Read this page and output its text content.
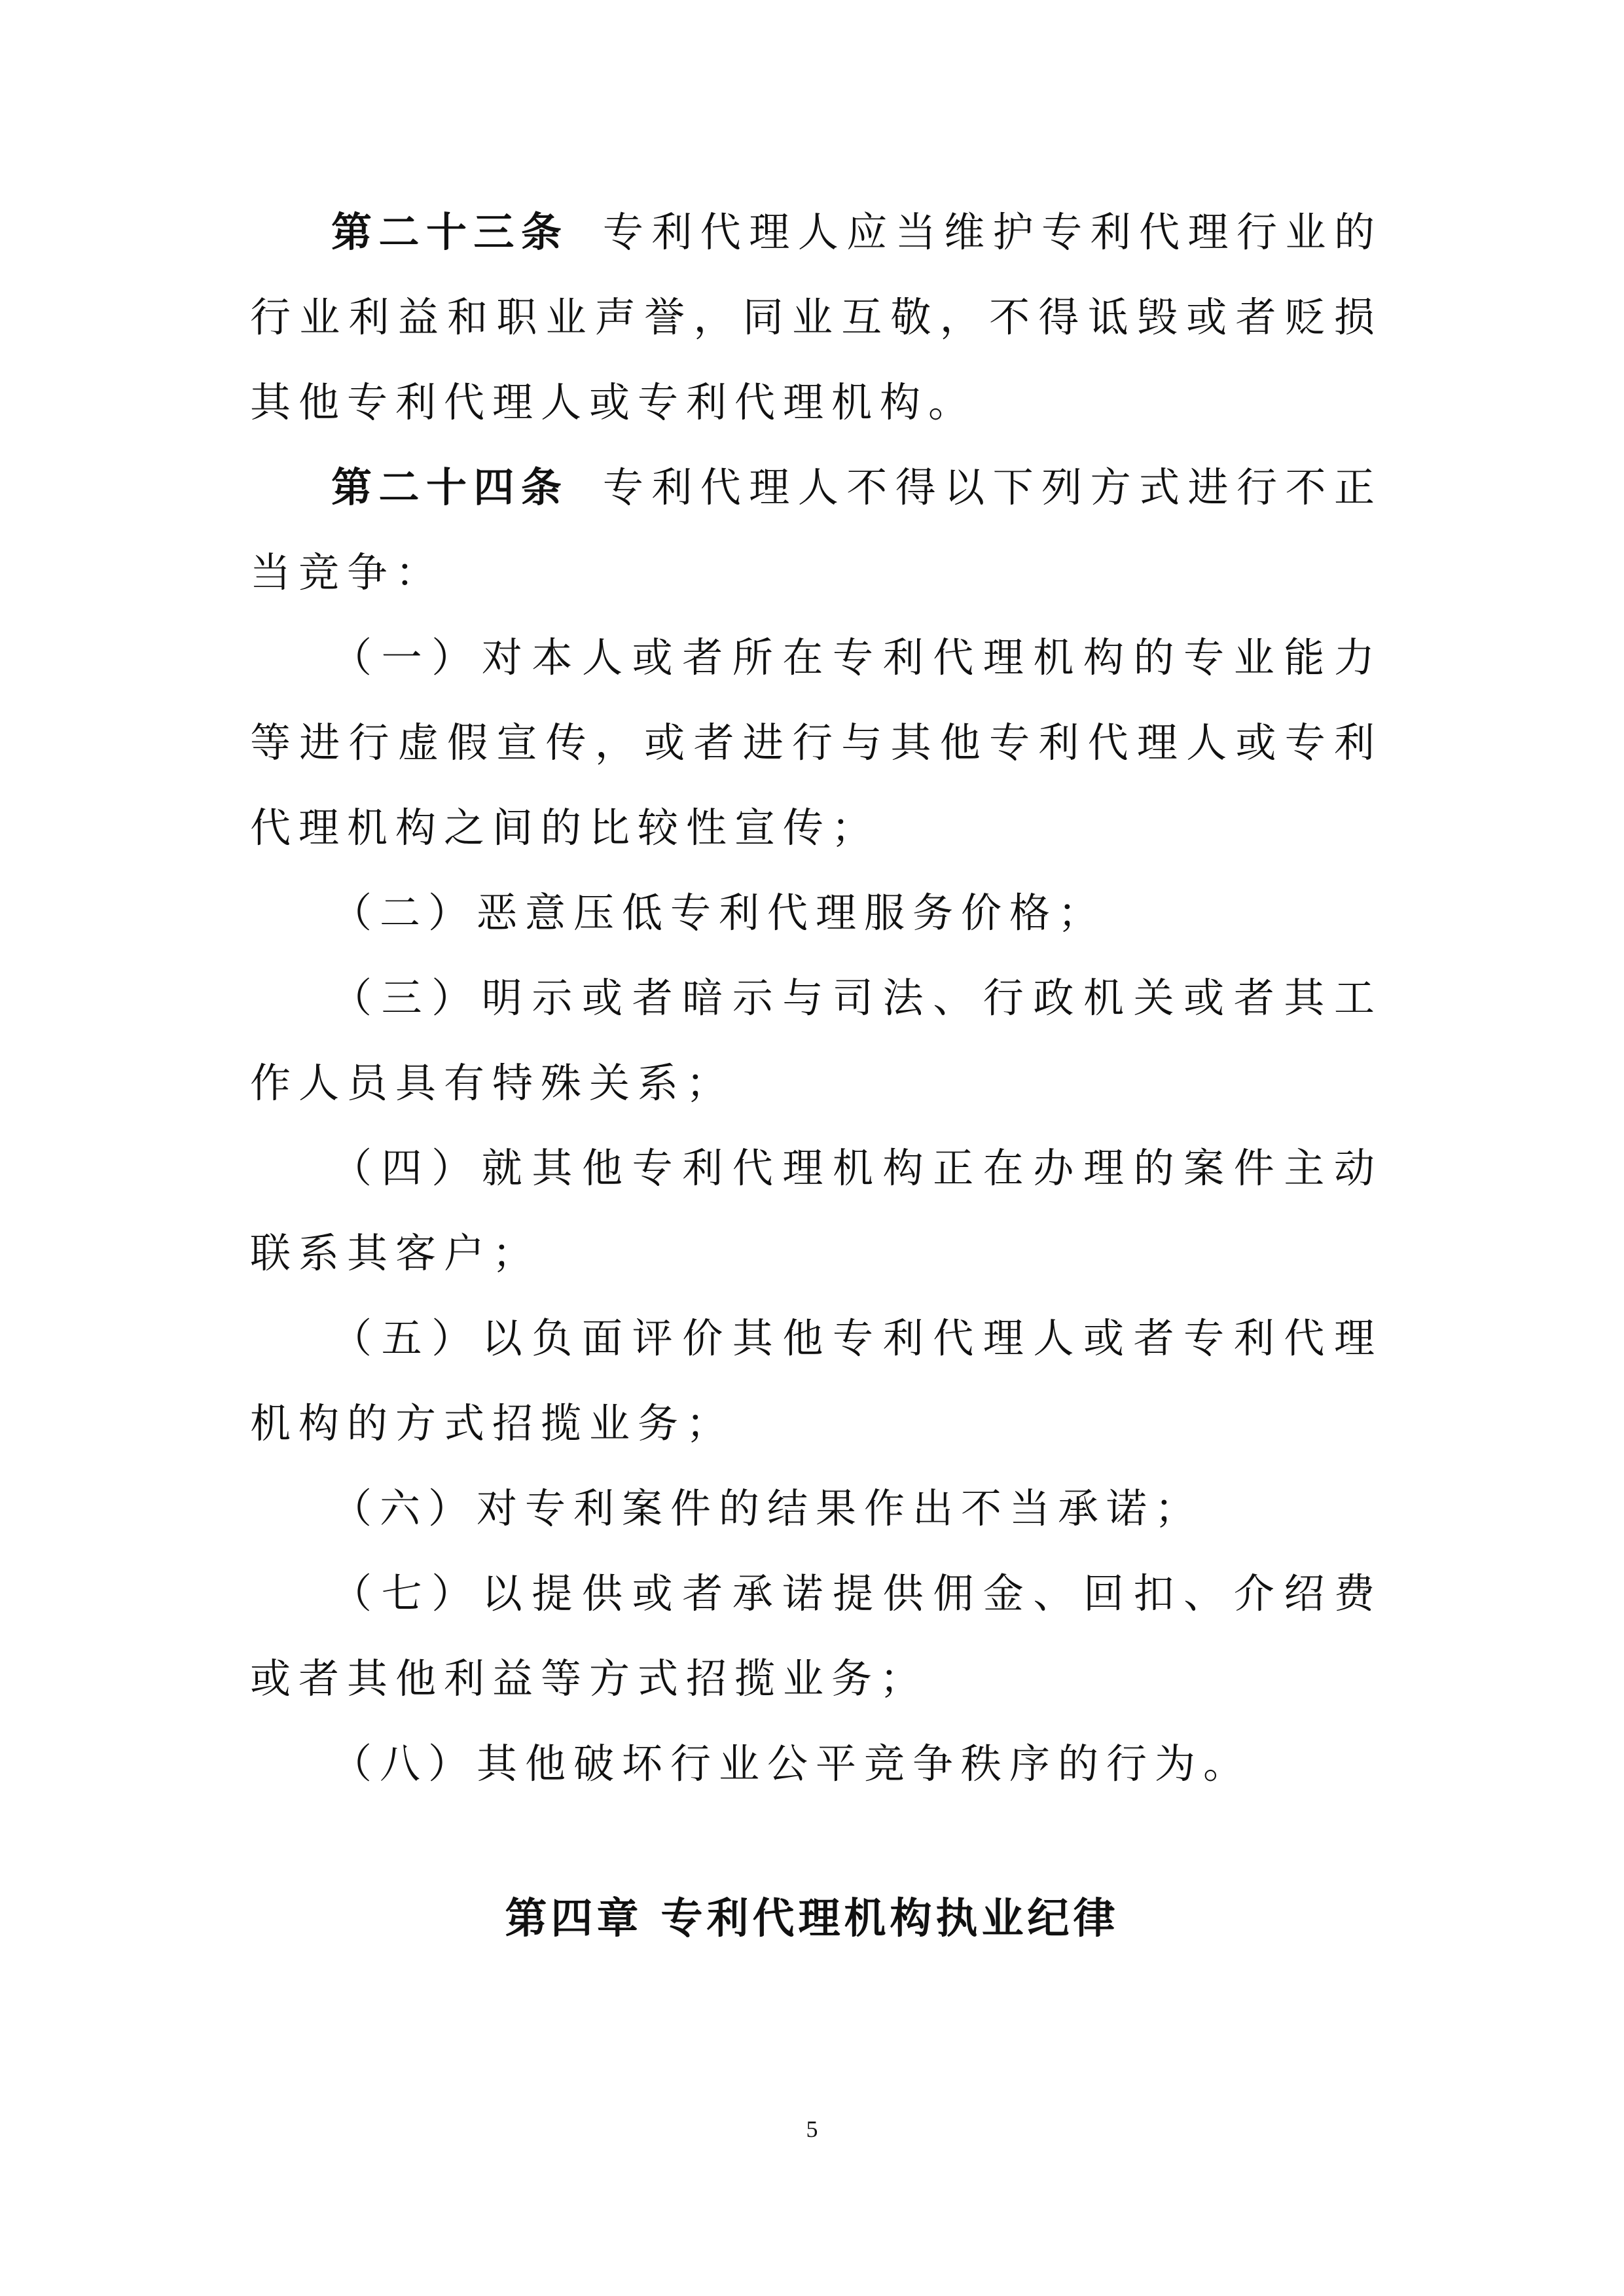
第二十三条 专利代理人应当维护专利代理行业的行业利益和职业声誉，同业互敬，不得诋毁或者贬损其他专利代理人或专利代理机构。

第二十四条 专利代理人不得以下列方式进行不正当竞争：

（一）对本人或者所在专利代理机构的专业能力等进行虚假宣传，或者进行与其他专利代理人或专利代理机构之间的比较性宣传；

（二）恶意压低专利代理服务价格；

（三）明示或者暗示与司法、行政机关或者其工作人员具有特殊关系；

（四）就其他专利代理机构正在办理的案件主动联系其客户；

（五）以负面评价其他专利代理人或者专利代理机构的方式招揽业务；

（六）对专利案件的结果作出不当承诺；

（七）以提供或者承诺提供佣金、回扣、介绍费或者其他利益等方式招揽业务；

（八）其他破坏行业公平竞争秩序的行为。

第四章 专利代理机构执业纪律
5
